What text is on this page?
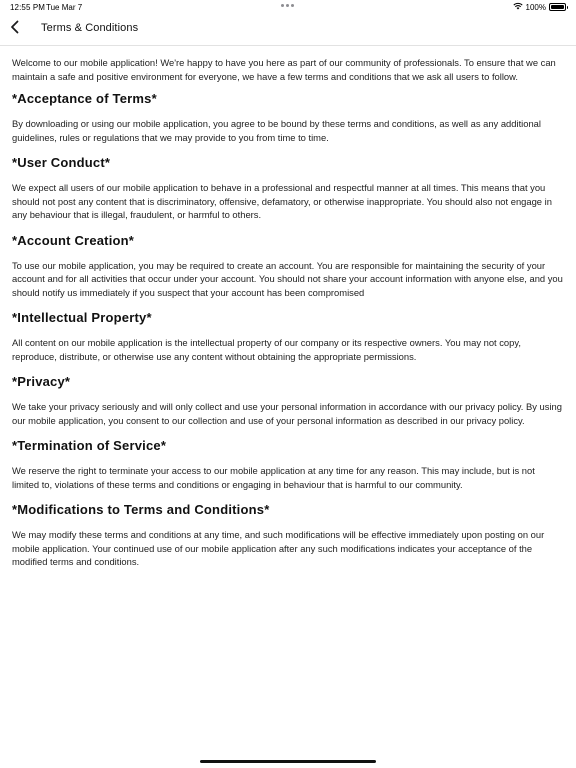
12:55 PM Tue Mar 7	100%
Terms & Conditions

Welcome to our mobile application! We're happy to have you here as part of our community of professionals. To ensure that we can maintain a safe and positive environment for everyone, we have a few terms and conditions that we ask all users to follow.

*Acceptance of Terms*

By downloading or using our mobile application, you agree to be bound by these terms and conditions, as well as any additional guidelines, rules or regulations that we may provide to you from time to time.

*User Conduct*

We expect all users of our mobile application to behave in a professional and respectful manner at all times. This means that you should not post any content that is discriminatory, offensive, defamatory, or otherwise inappropriate. You should also not engage in any behaviour that is illegal, fraudulent, or harmful to others.

*Account Creation*

To use our mobile application, you may be required to create an account. You are responsible for maintaining the security of your account and for all activities that occur under your account. You should not share your account information with anyone else, and you should notify us immediately if you suspect that your account has been compromised

*Intellectual Property*

All content on our mobile application is the intellectual property of our company or its respective owners. You may not copy, reproduce, distribute, or otherwise use any content without obtaining the appropriate permissions.

*Privacy*

We take your privacy seriously and will only collect and use your personal information in accordance with our privacy policy. By using our mobile application, you consent to our collection and use of your personal information as described in our privacy policy.

*Termination of Service*

We reserve the right to terminate your access to our mobile application at any time for any reason. This may include, but is not limited to, violations of these terms and conditions or engaging in behaviour that is harmful to our community.

*Modifications to Terms and Conditions*

We may modify these terms and conditions at any time, and such modifications will be effective immediately upon posting on our mobile application. Your continued use of our mobile application after any such modifications indicates your acceptance of the modified terms and conditions.
